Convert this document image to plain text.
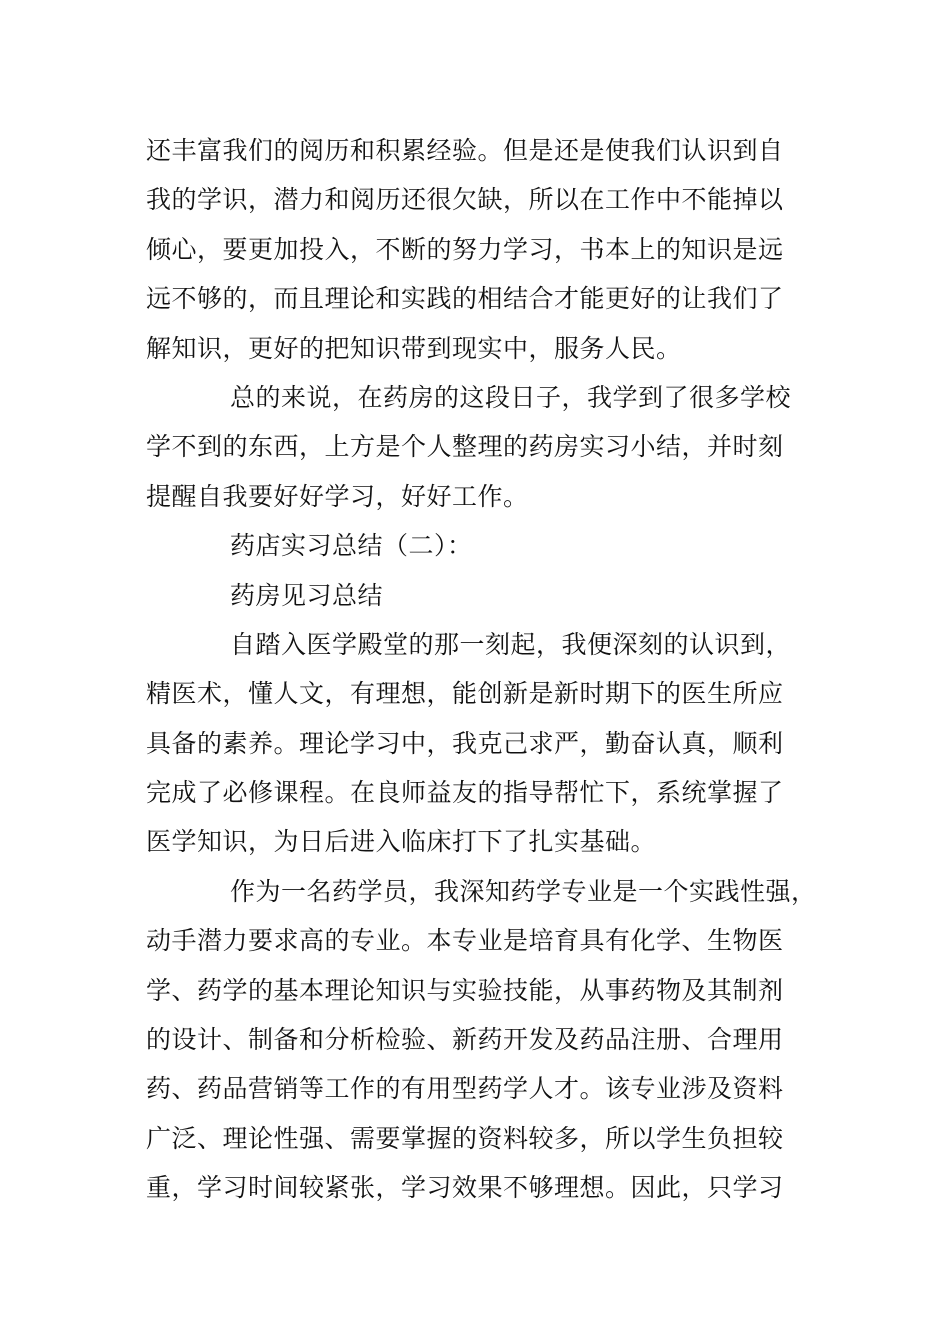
还丰富我们的阅历和积累经验。但是还是使我们认识到自
我的学识，潜力和阅历还很欠缺，所以在工作中不能掉以
倾心，要更加投入，不断的努力学习，书本上的知识是远
远不够的，而且理论和实践的相结合才能更好的让我们了
解知识，更好的把知识带到现实中，服务人民。
总的来说，在药房的这段日子，我学到了很多学校
学不到的东西，上方是个人整理的药房实习小结，并时刻
提醒自我要好好学习，好好工作。
药店实习总结（二）：
药房见习总结
自踏入医学殿堂的那一刻起，我便深刻的认识到，
精医术，懂人文，有理想，能创新是新时期下的医生所应
具备的素养。理论学习中，我克己求严，勤奋认真，顺利
完成了必修课程。在良师益友的指导帮忙下，系统掌握了
医学知识，为日后进入临床打下了扎实基础。
作为一名药学员，我深知药学专业是一个实践性强，
动手潜力要求高的专业。本专业是培育具有化学、生物医
学、药学的基本理论知识与实验技能，从事药物及其制剂
的设计、制备和分析检验、新药开发及药品注册、合理用
药、药品营销等工作的有用型药学人才。该专业涉及资料
广泛、理论性强、需要掌握的资料较多，所以学生负担较
重，学习时间较紧张，学习效果不够理想。因此，只学习
